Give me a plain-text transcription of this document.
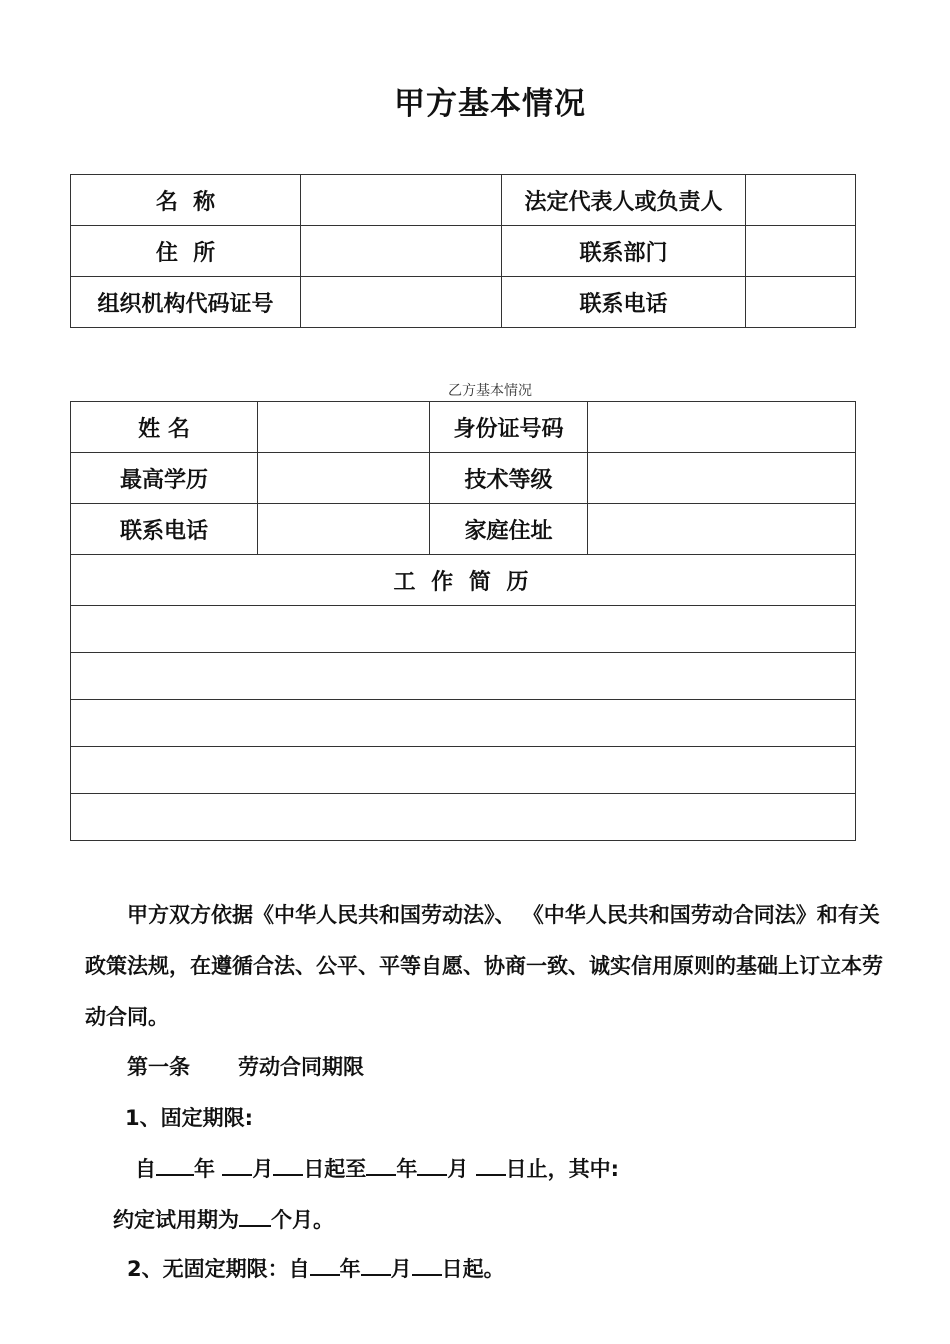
甲方基本情况
名  称		法定代表人或负责人	
住  所		联系部门	
组织机构代码证号		联系电话	
乙方基本情况
姓 名		身份证号码	
最高学历		技术等级	
联系电话		家庭住址	
工 作 简 历			

甲方双方依据《中华人民共和国劳动法》、 《中华人民共和国劳动合同法》和有关政策法规，在遵循合法、公平、平等自愿、协商一致、诚实信用原则的基础上订立本劳动合同。

第一条 劳动合同期限
1、固定期限:
自 年 月 日起至 年 月 日止，其中:
约定试用期为 个月。
2、无固定期限：自 年 月 日起。
